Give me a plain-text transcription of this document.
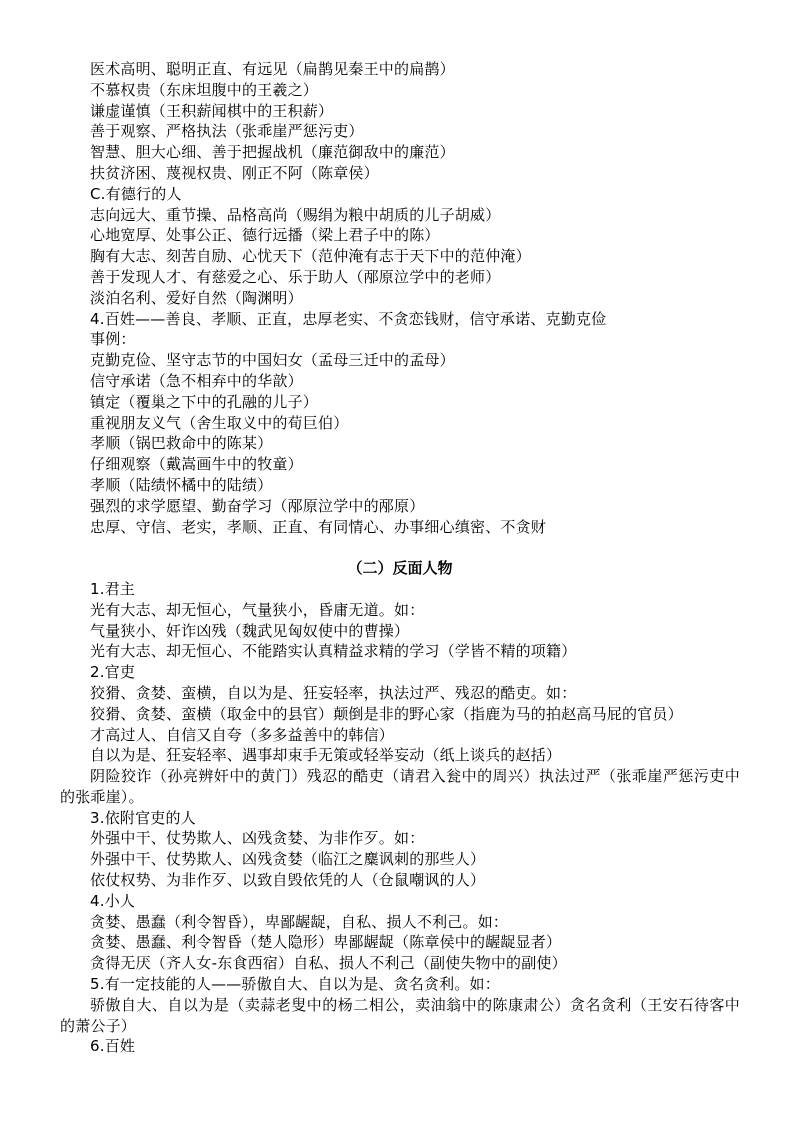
医术高明、聪明正直、有远见（扁鹊见秦王中的扁鹊）
不慕权贵（东床坦腹中的王羲之）
谦虚谨慎（王积薪闻棋中的王积薪）
善于观察、严格执法（张乖崖严惩污吏）
智慧、胆大心细、善于把握战机（廉范御敌中的廉范）
扶贫济困、蔑视权贵、刚正不阿（陈章侯）
C.有德行的人
志向远大、重节操、品格高尚（赐绢为粮中胡质的儿子胡威）
心地宽厚、处事公正、德行远播（梁上君子中的陈）
胸有大志、刻苦自励、心忧天下（范仲淹有志于天下中的范仲淹）
善于发现人才、有慈爱之心、乐于助人（邴原泣学中的老师）
淡泊名利、爱好自然（陶渊明）
4.百姓——善良、孝顺、正直，忠厚老实、不贪恋钱财，信守承诺、克勤克俭
事例：
克勤克俭、坚守志节的中国妇女（孟母三迁中的孟母）
信守承诺（急不相弃中的华歆）
镇定（覆巢之下中的孔融的儿子）
重视朋友义气（舍生取义中的荀巨伯）
孝顺（锅巴救命中的陈某）
仔细观察（戴嵩画牛中的牧童）
孝顺（陆绩怀橘中的陆绩）
强烈的求学愿望、勤奋学习（邴原泣学中的邴原）
忠厚、守信、老实，孝顺、正直、有同情心、办事细心缜密、不贪财
（二）反面人物
1.君主
光有大志、却无恒心，气量狭小，昏庸无道。如：
气量狭小、奸诈凶残（魏武见匈奴使中的曹操）
光有大志、却无恒心、不能踏实认真精益求精的学习（学皆不精的项籍）
2.官吏
狡猾、贪婪、蛮横，自以为是、狂妄轻率，执法过严、残忍的酷吏。如：
狡猾、贪婪、蛮横（取金中的县官）颠倒是非的野心家（指鹿为马的拍赵高马屁的官员）
才高过人、自信又自夸（多多益善中的韩信）
自以为是、狂妄轻率、遇事却束手无策或轻举妄动（纸上谈兵的赵括）
阴险狡诈（孙亮辨奸中的黄门）残忍的酷吏（请君入瓮中的周兴）执法过严（张乖崖严惩污吏中的张乖崖）。
3.依附官吏的人
外强中干、仗势欺人、凶残贪婪、为非作歹。如：
外强中干、仗势欺人、凶残贪婪（临江之麋讽刺的那些人）
依仗权势、为非作歹、以致自毁依凭的人（仓鼠嘲讽的人）
4.小人
贪婪、愚蠢（利令智昏），卑鄙龌龊，自私、损人不利己。如：
贪婪、愚蠢、利令智昏（楚人隐形）卑鄙龌龊（陈章侯中的龌龊显者）
贪得无厌（齐人女-东食西宿）自私、损人不利己（副使失物中的副使）
5.有一定技能的人——骄傲自大、自以为是、贪名贪利。如：
骄傲自大、自以为是（卖蒜老叟中的杨二相公，卖油翁中的陈康肃公）贪名贪利（王安石待客中的萧公子）
6.百姓
